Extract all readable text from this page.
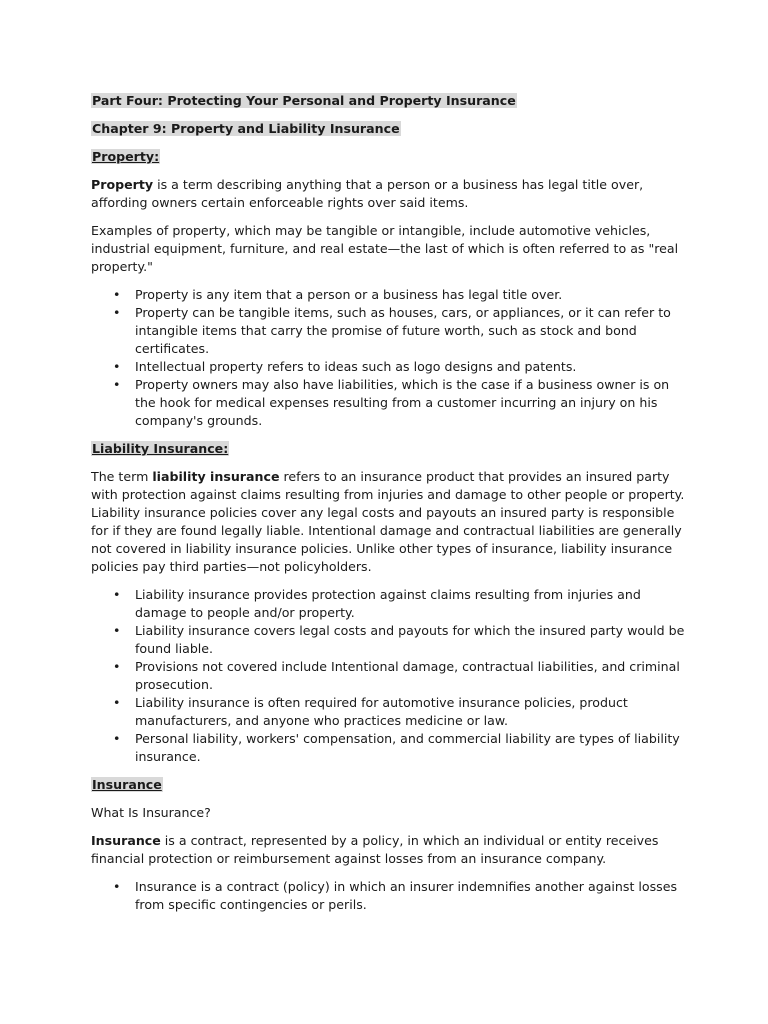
Part Four: Protecting Your Personal and Property Insurance
Chapter 9: Property and Liability Insurance
Property:

Property is a term describing anything that a person or a business has legal title over, affording owners certain enforceable rights over said items.

Examples of property, which may be tangible or intangible, include automotive vehicles, industrial equipment, furniture, and real estate—the last of which is often referred to as "real property."

• Property is any item that a person or a business has legal title over.
• Property can be tangible items, such as houses, cars, or appliances, or it can refer to intangible items that carry the promise of future worth, such as stock and bond certificates.
• Intellectual property refers to ideas such as logo designs and patents.
• Property owners may also have liabilities, which is the case if a business owner is on the hook for medical expenses resulting from a customer incurring an injury on his company's grounds.
Liability Insurance:

The term liability insurance refers to an insurance product that provides an insured party with protection against claims resulting from injuries and damage to other people or property. Liability insurance policies cover any legal costs and payouts an insured party is responsible for if they are found legally liable. Intentional damage and contractual liabilities are generally not covered in liability insurance policies. Unlike other types of insurance, liability insurance policies pay third parties—not policyholders.

• Liability insurance provides protection against claims resulting from injuries and damage to people and/or property.
• Liability insurance covers legal costs and payouts for which the insured party would be found liable.
• Provisions not covered include Intentional damage, contractual liabilities, and criminal prosecution.
• Liability insurance is often required for automotive insurance policies, product manufacturers, and anyone who practices medicine or law.
• Personal liability, workers' compensation, and commercial liability are types of liability insurance.
Insurance

What Is Insurance?

Insurance is a contract, represented by a policy, in which an individual or entity receives financial protection or reimbursement against losses from an insurance company.

• Insurance is a contract (policy) in which an insurer indemnifies another against losses from specific contingencies or perils.
